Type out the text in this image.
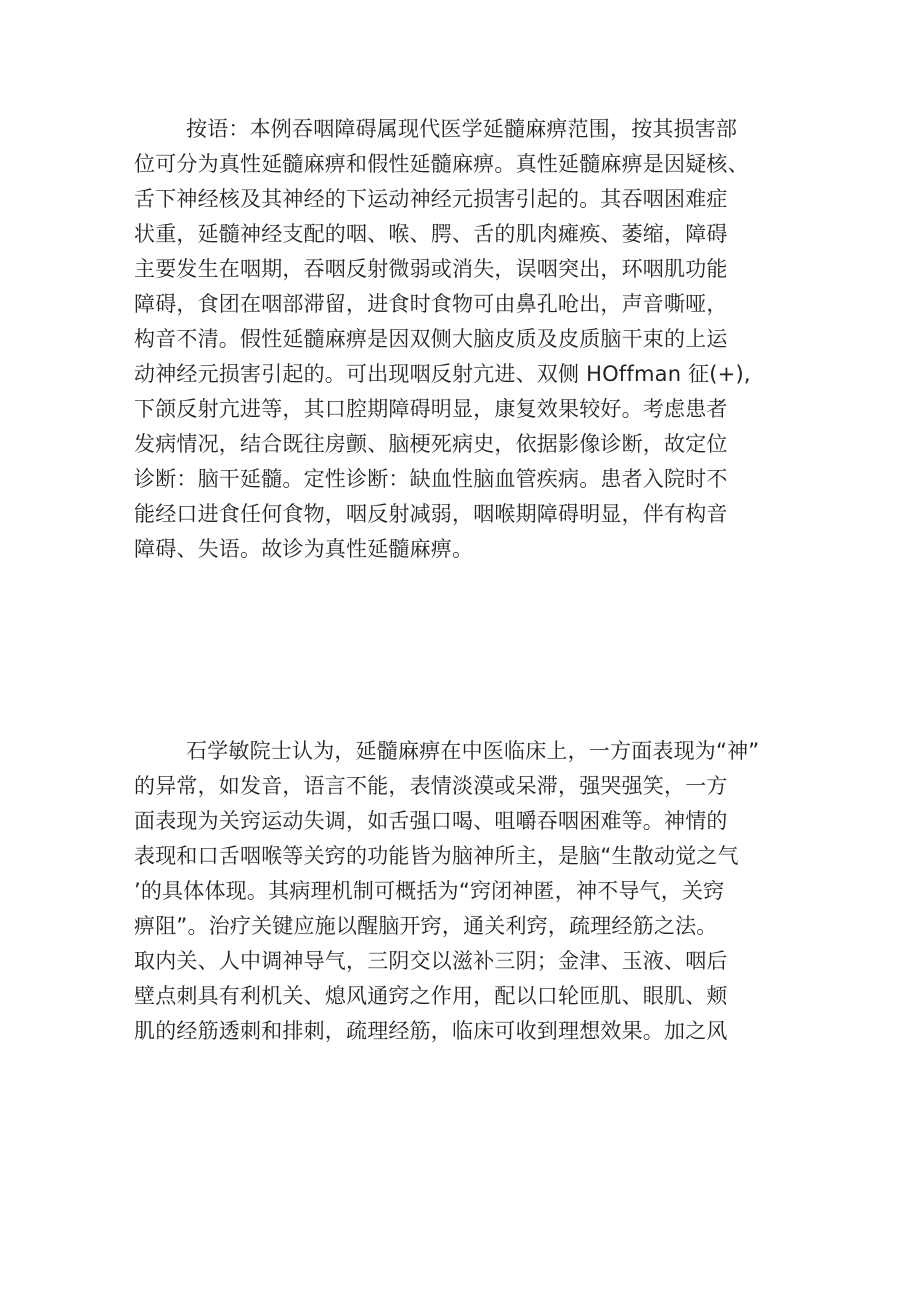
按语：本例吞咽障碍属现代医学延髓麻痹范围，按其损害部
位可分为真性延髓麻痹和假性延髓麻痹。真性延髓麻痹是因疑核、
舌下神经核及其神经的下运动神经元损害引起的。其吞咽困难症
状重，延髓神经支配的咽、喉、腭、舌的肌肉瘫痪、萎缩，障碍
主要发生在咽期，吞咽反射微弱或消失，误咽突出，环咽肌功能
障碍，食团在咽部滞留，进食时食物可由鼻孔呛出，声音嘶哑，
构音不清。假性延髓麻痹是因双侧大脑皮质及皮质脑干束的上运
动神经元损害引起的。可出现咽反射亢进、双侧 HOffman 征(+),
下颌反射亢进等，其口腔期障碍明显，康复效果较好。考虑患者
发病情况，结合既往房颤、脑梗死病史，依据影像诊断，故定位
诊断：脑干延髓。定性诊断：缺血性脑血管疾病。患者入院时不
能经口进食任何食物，咽反射减弱，咽喉期障碍明显，伴有构音
障碍、失语。故诊为真性延髓麻痹。
石学敏院士认为，延髓麻痹在中医临床上，一方面表现为“神”
的异常，如发音，语言不能，表情淡漠或呆滞，强哭强笑，一方
面表现为关窍运动失调，如舌强口喝、咀嚼吞咽困难等。神情的
表现和口舌咽喉等关窍的功能皆为脑神所主，是脑“生散动觉之气
’的具体体现。其病理机制可概括为“窍闭神匿，神不导气，关窍
痹阻”。治疗关键应施以醒脑开窍，通关利窍，疏理经筋之法。
取内关、人中调神导气，三阴交以滋补三阴；金津、玉液、咽后
壁点刺具有利机关、熄风通窍之作用，配以口轮匝肌、眼肌、颊
肌的经筋透刺和排刺，疏理经筋，临床可收到理想效果。加之风
